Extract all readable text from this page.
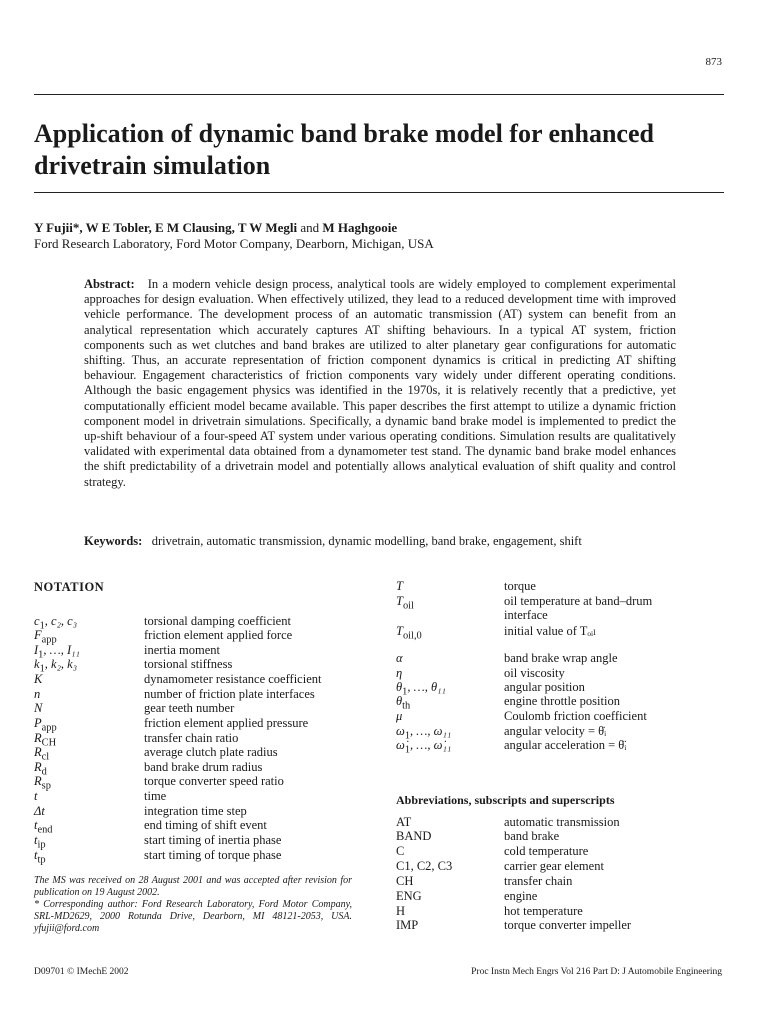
873
Application of dynamic band brake model for enhanced drivetrain simulation
Y Fujii*, W E Tobler, E M Clausing, T W Megli and M Haghgooie
Ford Research Laboratory, Ford Motor Company, Dearborn, Michigan, USA
Abstract: In a modern vehicle design process, analytical tools are widely employed to complement experimental approaches for design evaluation. When effectively utilized, they lead to a reduced development time with improved vehicle performance. The development process of an automatic transmission (AT) system can benefit from an analytical representation which accurately captures AT shifting behaviours. In a typical AT system, friction components such as wet clutches and band brakes are utilized to alter planetary gear configurations for automatic shifting. Thus, an accurate representation of friction component dynamics is critical in predicting AT shifting behaviour. Engagement characteristics of friction components vary widely under different operating conditions. Although the basic engagement physics was identified in the 1970s, it is relatively recently that a predictive, yet computationally efficient model became available. This paper describes the first attempt to utilize a dynamic friction component model in drivetrain simulations. Specifically, a dynamic band brake model is implemented to predict the up-shift behaviour of a four-speed AT system under various operating conditions. Simulation results are qualitatively validated with experimental data obtained from a dynamometer test stand. The dynamic band brake model enhances the shift predictability of a drivetrain model and potentially allows analytical evaluation of shift quality and control strategy.
Keywords: drivetrain, automatic transmission, dynamic modelling, band brake, engagement, shift
NOTATION
$c_1$, c₂, c₃	torsional damping coefficient
$F_{app}$	friction element applied force
$I_1$, …, I₁₁	inertia moment
$k_1$, k₂, k₃	torsional stiffness
K	dynamometer resistance coefficient
n	number of friction plate interfaces
N	gear teeth number
$P_{app}$	friction element applied pressure
$R_{CH}$	transfer chain ratio
$R_{cl}$	average clutch plate radius
$R_d$	band brake drum radius
$R_{sp}$	torque converter speed ratio
t	time
Δt	integration time step
$t_{end}$	end timing of shift event
$t_{ip}$	start timing of inertia phase
$t_{tp}$	start timing of torque phase
T	torque
$T_{oil}$	oil temperature at band–drum
interface
$T_{oil,0}$	initial value of Tₒᵢₗ
α	band brake wrap angle
η	oil viscosity
$\theta_1$, …, θ₁₁	angular position
$\theta_{th}$	engine throttle position
μ	Coulomb friction coefficient
$\omega_1$, …, ω₁₁	angular velocity = θ̇ᵢ
$\omegȧ_1$, …, ω̇₁₁	angular acceleration = θ̈ᵢ
Abbreviations, subscripts and superscripts
AT	automatic transmission
BAND	band brake
C	cold temperature
C1, C2, C3	carrier gear element
CH	transfer chain
ENG	engine
H	hot temperature
IMP	torque converter impeller
The MS was received on 28 August 2001 and was accepted after revision for publication on 19 August 2002.
* Corresponding author: Ford Research Laboratory, Ford Motor Company, SRL-MD2629, 2000 Rotunda Drive, Dearborn, MI 48121-2053, USA. yfujii@ford.com
D09701 © IMechE 2002	Proc Instn Mech Engrs Vol 216 Part D: J Automobile Engineering
